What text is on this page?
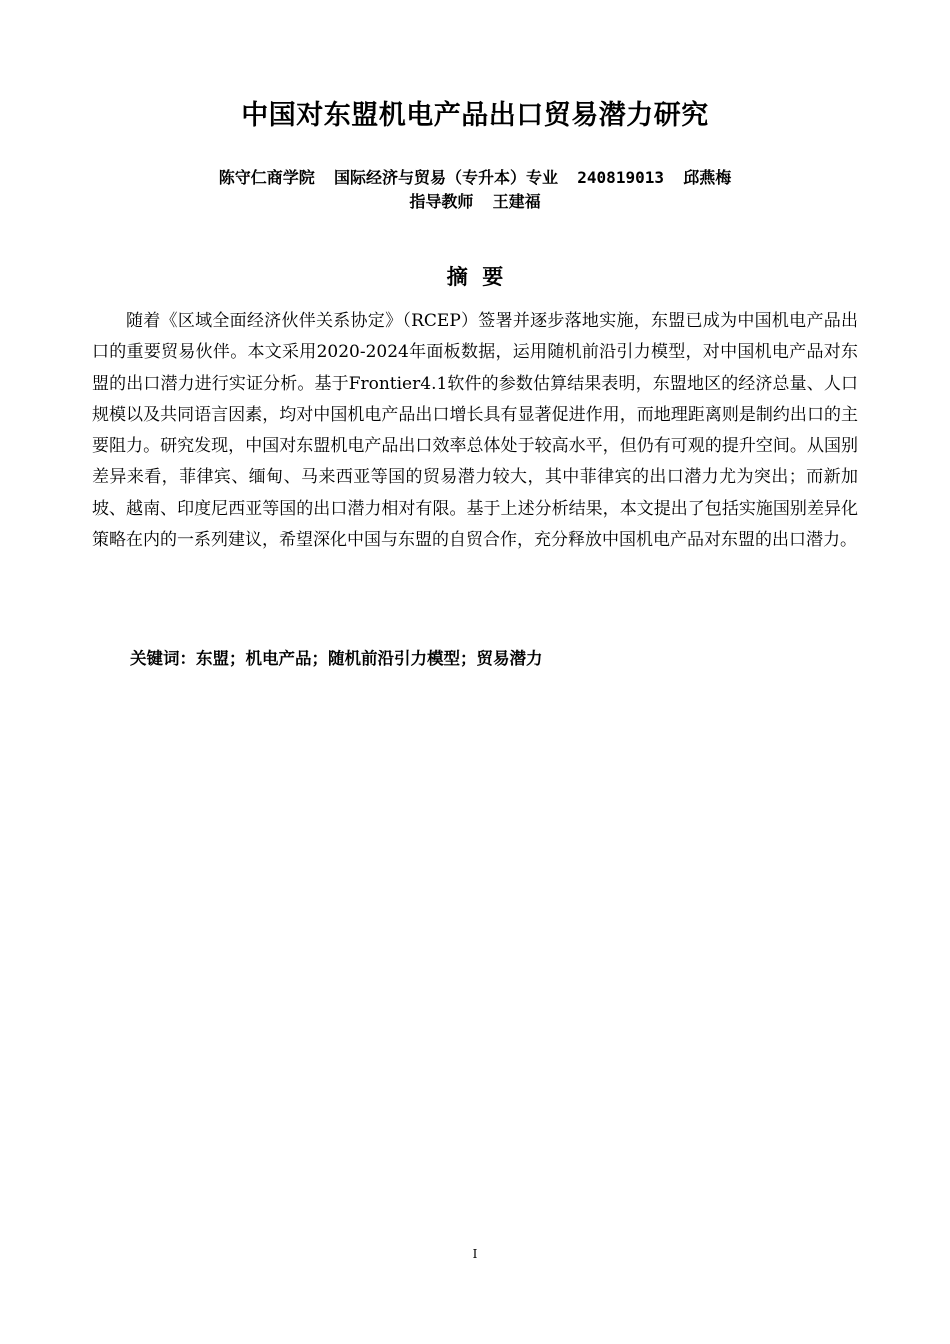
中国对东盟机电产品出口贸易潜力研究
陈守仁商学院  国际经济与贸易（专升本）专业  240819013  邱燕梅
指导教师  王建福
摘  要

随着《区域全面经济伙伴关系协定》（RCEP）签署并逐步落地实施，东盟已成为中国机电产品出口的重要贸易伙伴。本文采用2020-2024年面板数据，运用随机前沿引力模型，对中国机电产品对东盟的出口潜力进行实证分析。基于Frontier4.1软件的参数估算结果表明，东盟地区的经济总量、人口规模以及共同语言因素，均对中国机电产品出口增长具有显著促进作用，而地理距离则是制约出口的主要阻力。研究发现，中国对东盟机电产品出口效率总体处于较高水平，但仍有可观的提升空间。从国别差异来看，菲律宾、缅甸、马来西亚等国的贸易潜力较大，其中菲律宾的出口潜力尤为突出；而新加坡、越南、印度尼西亚等国的出口潜力相对有限。基于上述分析结果，本文提出了包括实施国别差异化策略在内的一系列建议，希望深化中国与东盟的自贸合作，充分释放中国机电产品对东盟的出口潜力。

关键词：东盟；机电产品；随机前沿引力模型；贸易潜力
I
